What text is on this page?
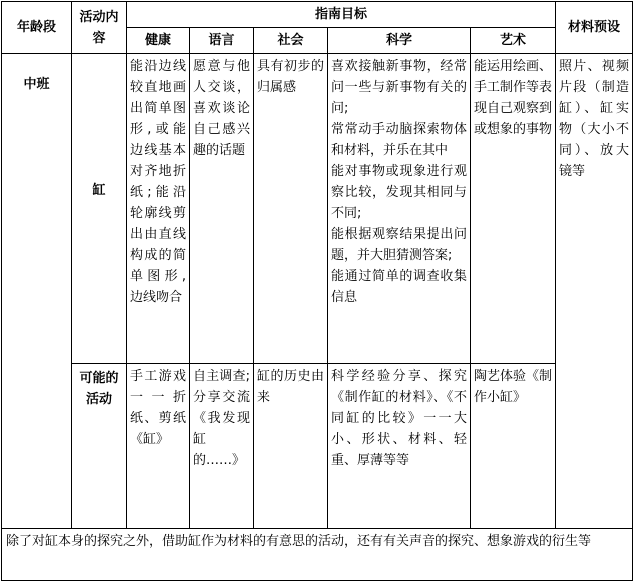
年龄段	活动内容	指南目标					材料预设
		健康	语言	社会	科学	艺术	
中班	缸	能沿边线较直地画出简单图形,或能边线基本对齐地折纸;能沿轮廓线剪出由直线构成的简单图形,边线吻合	愿意与他人交谈，喜欢谈论自己感兴趣的话题	具有初步的归属感	喜欢接触新事物，经常问一些与新事物有关的问;
常常动手动脑探索物体和材料，并乐在其中
能对事物或现象进行观察比较，发现其相同与不同;
能根据观察结果提出问题，并大胆猜测答案;
能通过简单的调查收集信息	能运用绘画、手工制作等表现自己观察到或想象的事物	照片、视频片段（制造缸）、缸实物（大小不同）、放大镜等
	可能的活动	手工游戏一一折纸、剪纸《缸》	自主调查;分享交流《我发现缸的……》	缸的历史由来	科学经验分享、探究《制作缸的材料》、《不同缸的比较》一一大小、形状、材料、轻重、厚薄等等	陶艺体验《制作小缸》	
除了对缸本身的探究之外，借助缸作为材料的有意思的活动，还有有关声音的探究、想象游戏的衍生等							
